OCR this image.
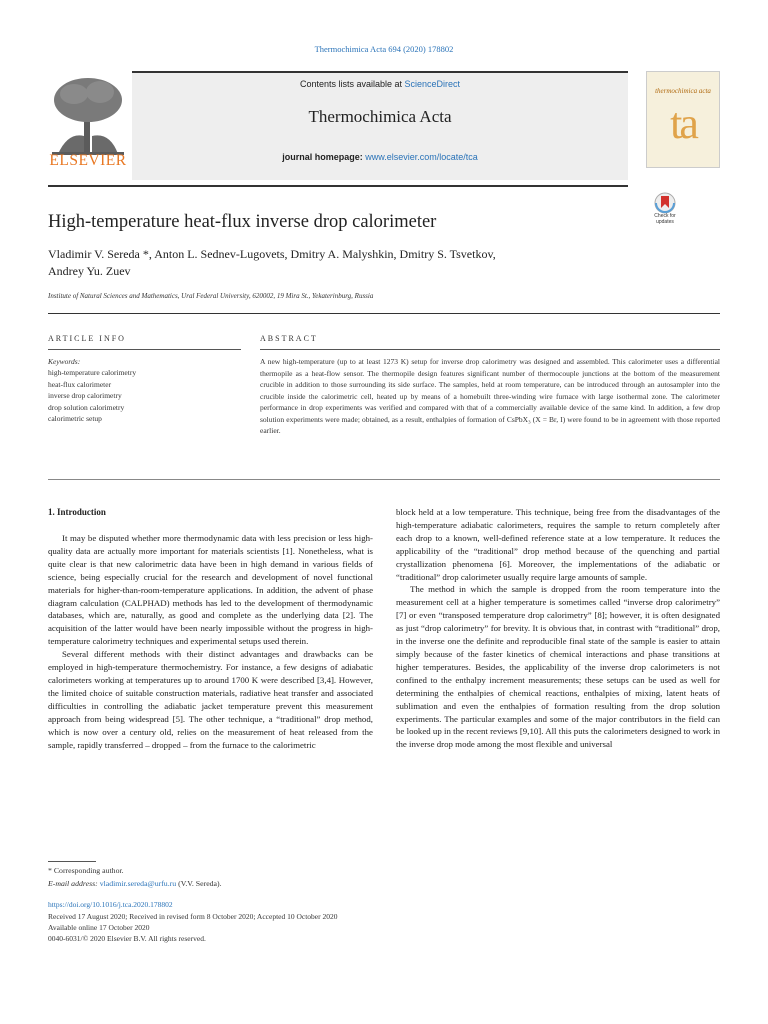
Thermochimica Acta 694 (2020) 178802
ELSEVIER
Contents lists available at ScienceDirect
Thermochimica Acta
journal homepage: www.elsevier.com/locate/tca
thermochimica acta
ta
Check for
updates
High-temperature heat-flux inverse drop calorimeter
Vladimir V. Sereda *, Anton L. Sednev-Lugovets, Dmitry A. Malyshkin, Dmitry S. Tsvetkov,
Andrey Yu. Zuev
Institute of Natural Sciences and Mathematics, Ural Federal University, 620002, 19 Mira St., Yekaterinburg, Russia
ARTICLE INFO
Keywords:
high-temperature calorimetry
heat-flux calorimeter
inverse drop calorimetry
drop solution calorimetry
calorimetric setup
ABSTRACT
A new high-temperature (up to at least 1273 K) setup for inverse drop calorimetry was designed and assembled. This calorimeter uses a differential thermopile as a heat-flow sensor. The thermopile design features significant number of thermocouple junctions at the bottom of the measurement crucible in addition to those surrounding its side surface. The samples, held at room temperature, can be introduced through an autosampler into the crucible inside the calorimetric cell, heated up by means of a homebuilt three-winding wire furnace with large isothermal zone. The calorimeter performance in drop experiments was verified and compared with that of a commercially available device of the same kind. In addition, a few drop solution experiments were made; obtained, as a result, enthalpies of formation of CsPbX₃ (X = Br, I) were found to be in agreement with those reported earlier.
1. Introduction

It may be disputed whether more thermodynamic data with less precision or less high-quality data are actually more important for materials scientists [1]. Nonetheless, what is quite clear is that new calorimetric data have been in high demand in various fields of science, being especially crucial for the research and development of novel functional materials for higher-than-room-temperature applications. In addition, the advent of phase diagram calculation (CALPHAD) methods has led to the development of thermodynamic databases, which are, naturally, as good and complete as the underlying data [2]. The acquisition of the latter would have been nearly impossible without the progress in high-temperature calorimetry techniques and experimental setups used therein.

Several different methods with their distinct advantages and drawbacks can be employed in high-temperature thermochemistry. For instance, a few designs of adiabatic calorimeters working at temperatures up to around 1700 K were described [3,4]. However, the limited choice of suitable construction materials, radiative heat transfer and associated difficulties in controlling the adiabatic jacket temperature prevent this measurement approach from being widespread [5]. The other technique, a “traditional” drop method, which is now over a century old, relies on the measurement of heat released from the sample, rapidly transferred – dropped – from the furnace to the calorimetric

block held at a low temperature. This technique, being free from the disadvantages of the high-temperature adiabatic calorimeters, requires the sample to return completely after each drop to a known, well-defined reference state at a low temperature. It reduces the applicability of the “traditional” drop method because of the quenching and partial crystallization phenomena [6]. Moreover, the implementations of the adiabatic or “traditional” drop calorimeter usually require large amounts of sample.

The method in which the sample is dropped from the room temperature into the measurement cell at a higher temperature is sometimes called “inverse drop calorimetry” [7] or even “transposed temperature drop calorimetry” [8]; however, it is often designated as just “drop calorimetry” for brevity. It is obvious that, in contrast with “traditional” drop, in the inverse one the definite and reproducible final state of the sample is easier to attain simply because of the faster kinetics of chemical interactions and phase transitions at higher temperatures. Besides, the applicability of the inverse drop calorimeters is not confined to the enthalpy increment measurements; these setups can be used as well for determining the enthalpies of chemical reactions, enthalpies of mixing, latent heats of sublimation and even the enthalpies of formation resulting from the drop solution experiments. The particular examples and some of the major contributors in the field can be looked up in the recent reviews [9,10]. All this puts the calorimeters designed to work in the inverse drop mode among the most flexible and universal

* Corresponding author.
E-mail address: vladimir.sereda@urfu.ru (V.V. Sereda).
https://doi.org/10.1016/j.tca.2020.178802
Received 17 August 2020; Received in revised form 8 October 2020; Accepted 10 October 2020
Available online 17 October 2020
0040-6031/© 2020 Elsevier B.V. All rights reserved.
